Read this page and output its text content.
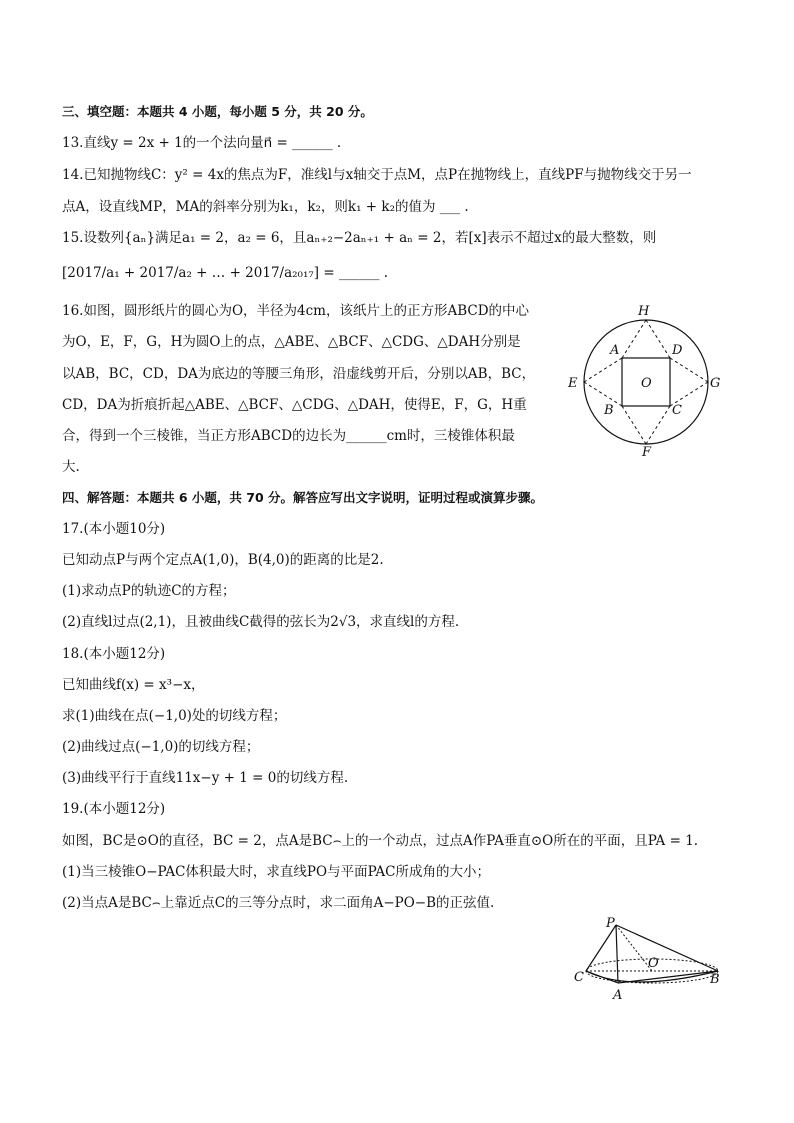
三、填空题：本题共 4 小题，每小题 5 分，共 20 分。
13.直线y = 2x + 1的一个法向量n⃗ = ______ .
14.已知抛物线C：y² = 4x的焦点为F，准线l与x轴交于点M，点P在抛物线上，直线PF与抛物线交于另一
点A，设直线MP，MA的斜率分别为k₁，k₂，则k₁ + k₂的值为 ___ .
15.设数列{aₙ}满足a₁ = 2，a₂ = 6，且aₙ₊₂−2aₙ₊₁ + aₙ = 2，若[x]表示不超过x的最大整数，则
[2017/a₁ + 2017/a₂ + … + 2017/a₂₀₁₇] = ______ .
16.如图，圆形纸片的圆心为O，半径为4cm，该纸片上的正方形ABCD的中心
为O，E，F，G，H为圆O上的点，△ABE、△BCF、△CDG、△DAH分别是
以AB，BC，CD，DA为底边的等腰三角形，沿虚线剪开后，分别以AB，BC，
CD，DA为折痕折起△ABE、△BCF、△CDG、△DAH，使得E，F，G，H重
合，得到一个三棱锥，当正方形ABCD的边长为______cm时，三棱锥体积最
大.
H
A	D
E	O	G
B	C
F
四、解答题：本题共 6 小题，共 70 分。解答应写出文字说明，证明过程或演算步骤。
17.(本小题10分)
已知动点P与两个定点A(1,0)，B(4,0)的距离的比是2.
(1)求动点P的轨迹C的方程；
(2)直线l过点(2,1)，且被曲线C截得的弦长为2√3，求直线l的方程.
18.(本小题12分)
已知曲线f(x) = x³−x，
求(1)曲线在点(−1,0)处的切线方程；
(2)曲线过点(−1,0)的切线方程；
(3)曲线平行于直线11x−y + 1 = 0的切线方程.
19.(本小题12分)
如图，BC是⊙O的直径，BC = 2，点A是BC⌢上的一个动点，过点A作PA垂直⊙O所在的平面，且PA = 1.
(1)当三棱锥O−PAC体积最大时，求直线PO与平面PAC所成角的大小；
(2)当点A是BC⌢上靠近点C的三等分点时，求二面角A−PO−B的正弦值.
P
O
C
A
B
